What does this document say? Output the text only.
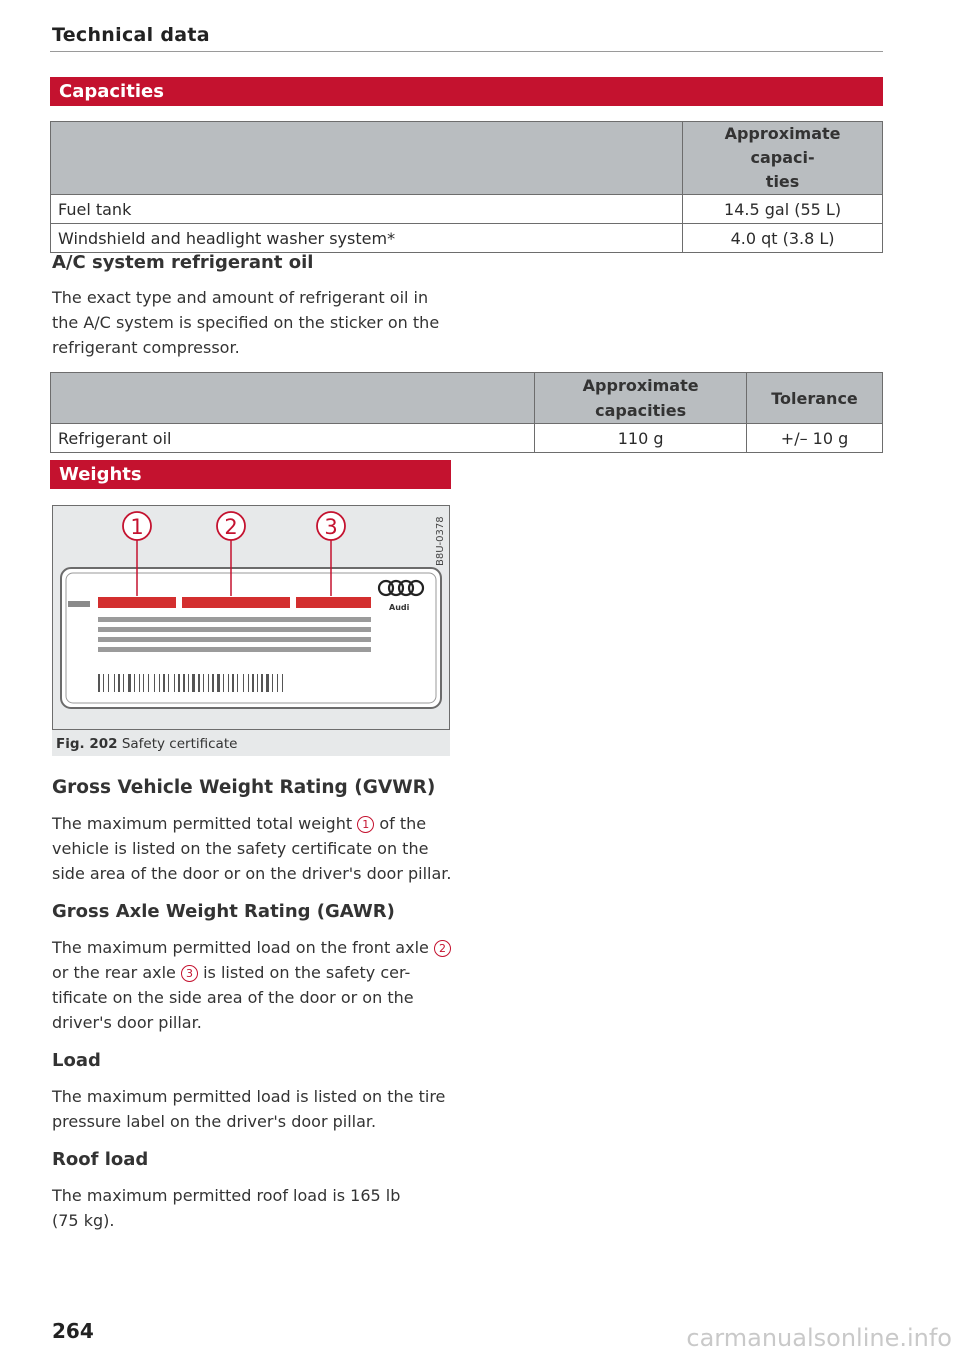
Technical data
Capacities
	Approximate capaci-
ties
Fuel tank	14.5 gal (55 L)
Windshield and headlight washer system*	4.0 qt (3.8 L)
A/C system refrigerant oil

The exact type and amount of refrigerant oil in the A/C system is specified on the sticker on the refrigerant compressor.

	Approximate capacities	Tolerance
Refrigerant oil	110 g	+/– 10 g
Weights
1	2	3
Audi
B8U-0378
Fig. 202 Safety certificate
Gross Vehicle Weight Rating (GVWR)

The maximum permitted total weight 1 of the vehicle is listed on the safety certificate on the side area of the door or on the driver's door pillar.

Gross Axle Weight Rating (GAWR)

The maximum permitted load on the front axle 2 or the rear axle 3 is listed on the safety cer-tificate on the side area of the door or on the driver's door pillar.

Load

The maximum permitted load is listed on the tire pressure label on the driver's door pillar.

Roof load

The maximum permitted roof load is 165 lb (75 kg).

264	carmanualsonline.info
